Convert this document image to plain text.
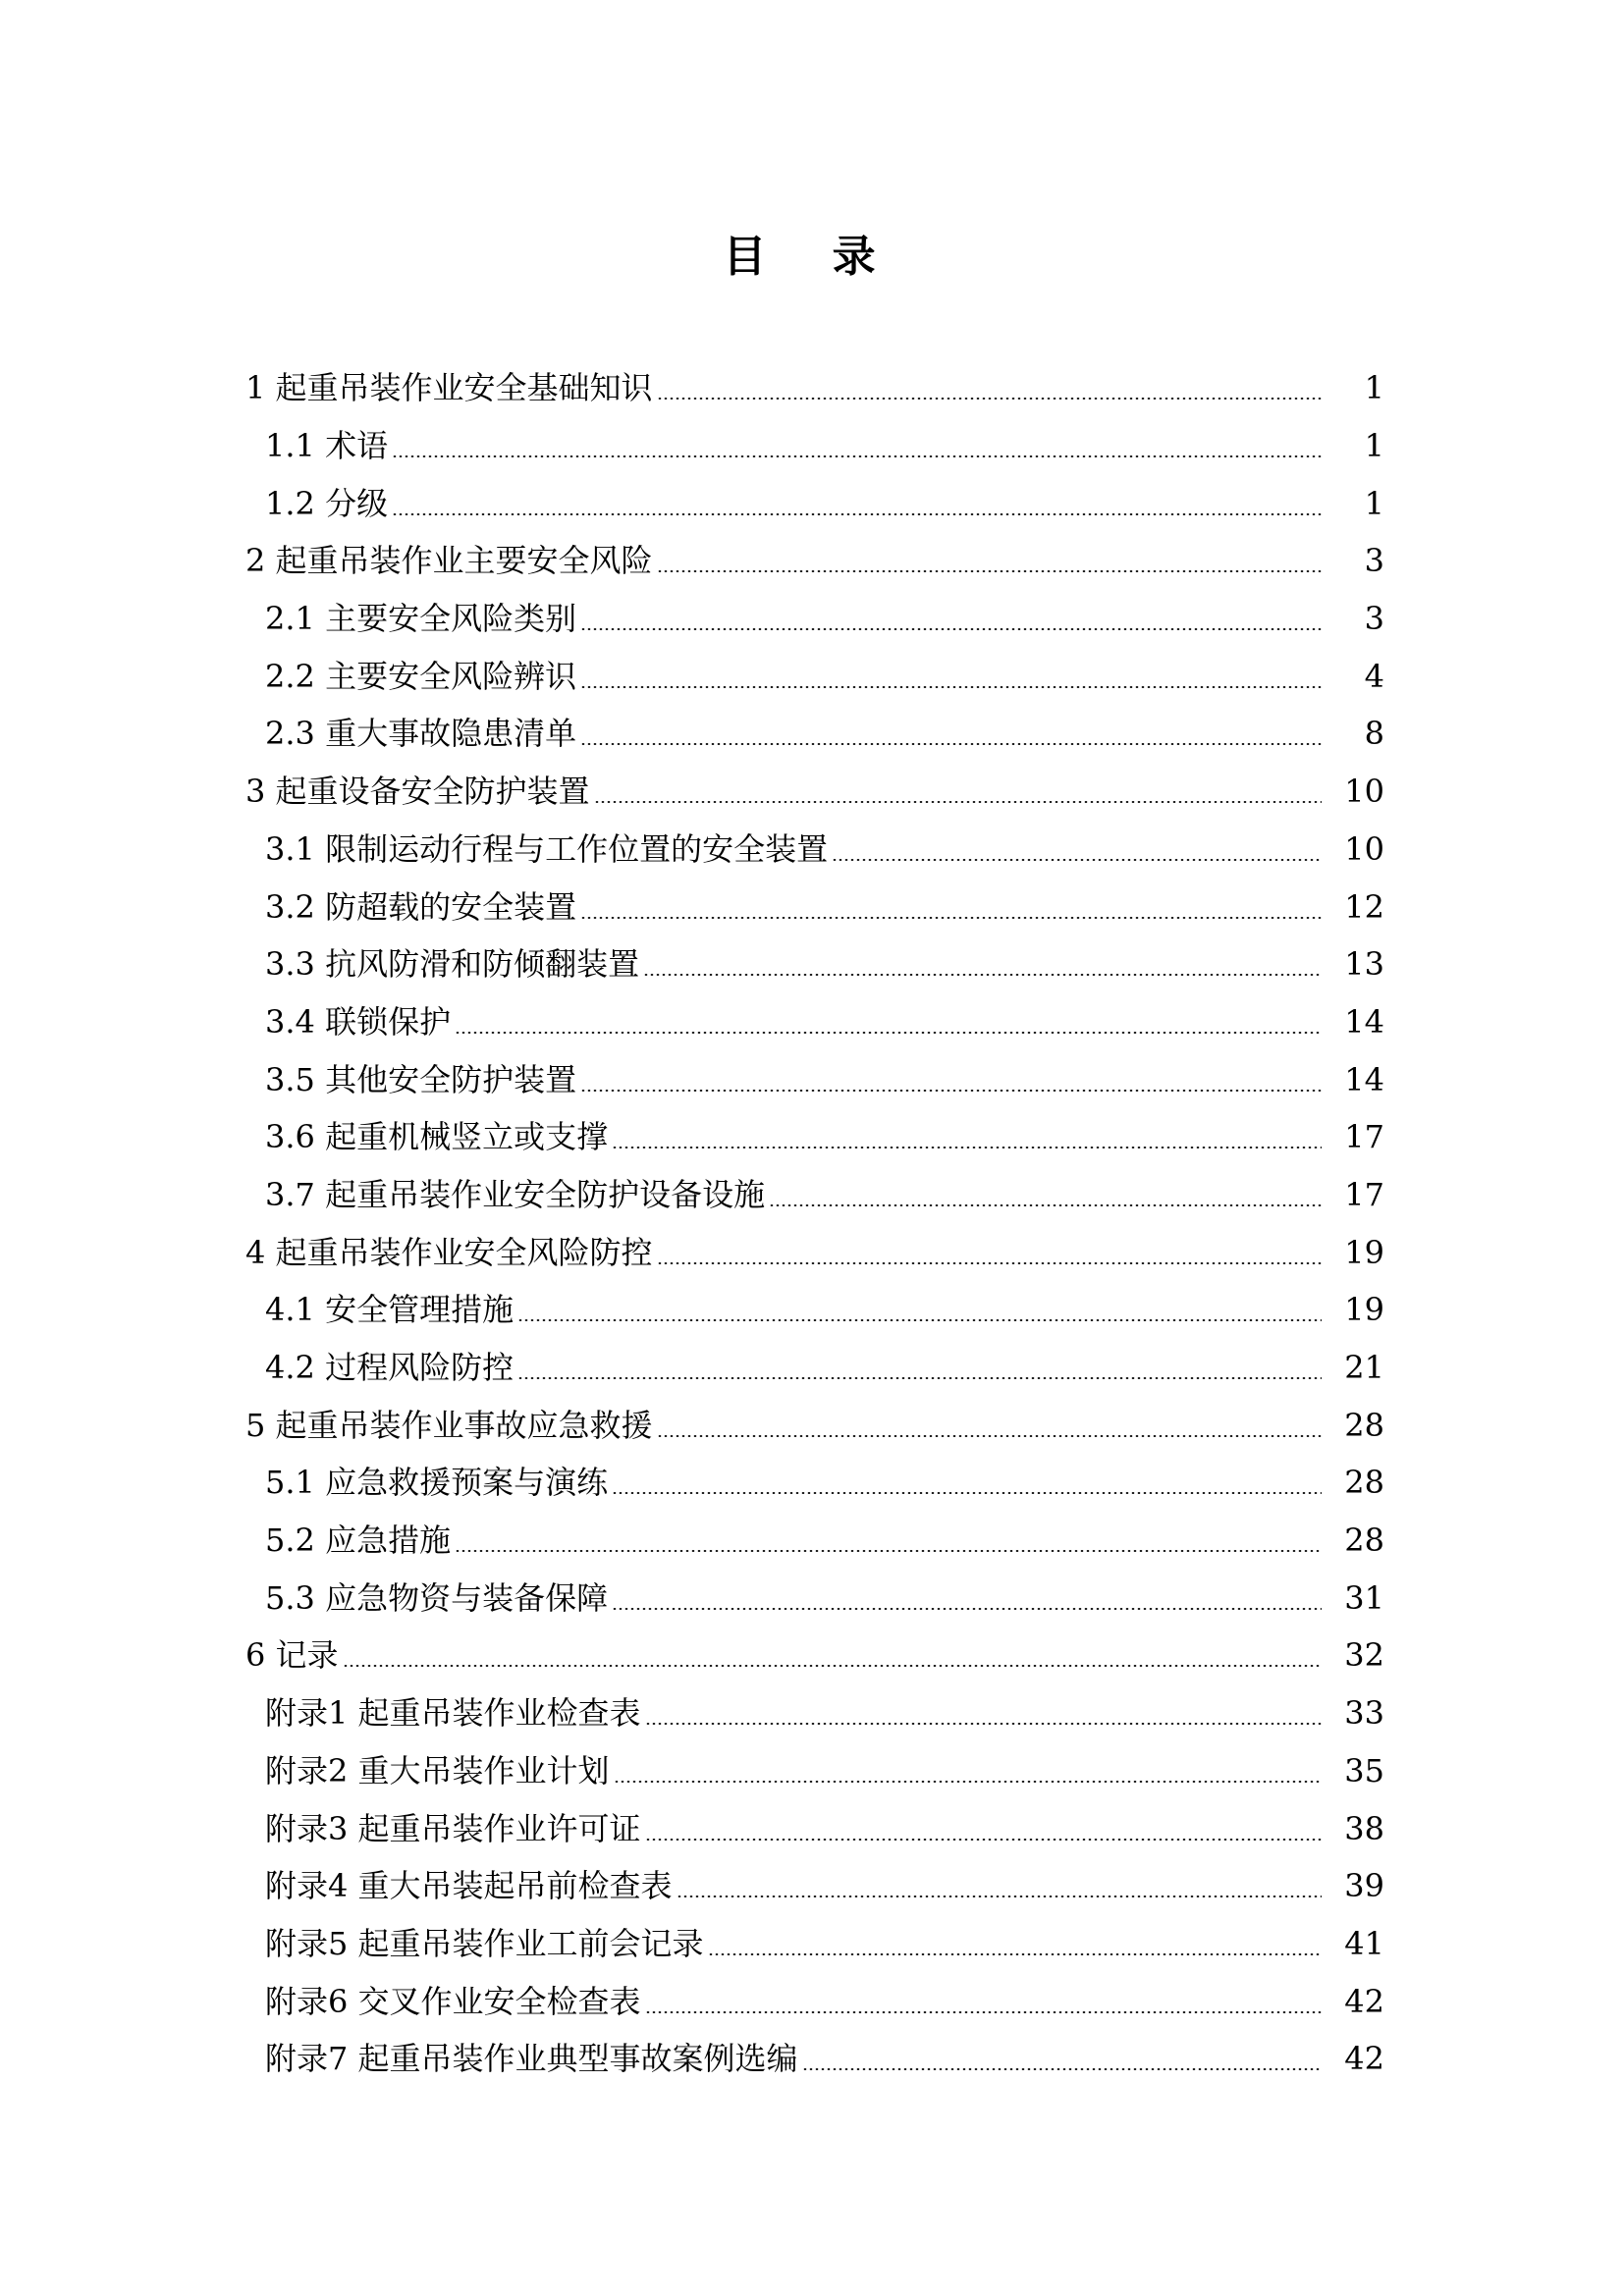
目 录
1 起重吊装作业安全基础知识	1
1.1 术语	1
1.2 分级	1
2 起重吊装作业主要安全风险	3
2.1 主要安全风险类别	3
2.2 主要安全风险辨识	4
2.3 重大事故隐患清单	8
3 起重设备安全防护装置	10
3.1 限制运动行程与工作位置的安全装置	10
3.2 防超载的安全装置	12
3.3 抗风防滑和防倾翻装置	13
3.4 联锁保护	14
3.5 其他安全防护装置	14
3.6 起重机械竖立或支撑	17
3.7 起重吊装作业安全防护设备设施	17
4 起重吊装作业安全风险防控	19
4.1 安全管理措施	19
4.2 过程风险防控	21
5 起重吊装作业事故应急救援	28
5.1 应急救援预案与演练	28
5.2 应急措施	28
5.3 应急物资与装备保障	31
6 记录	32
附录1 起重吊装作业检查表	33
附录2 重大吊装作业计划	35
附录3 起重吊装作业许可证	38
附录4 重大吊装起吊前检查表	39
附录5 起重吊装作业工前会记录	41
附录6 交叉作业安全检查表	42
附录7 起重吊装作业典型事故案例选编	42
